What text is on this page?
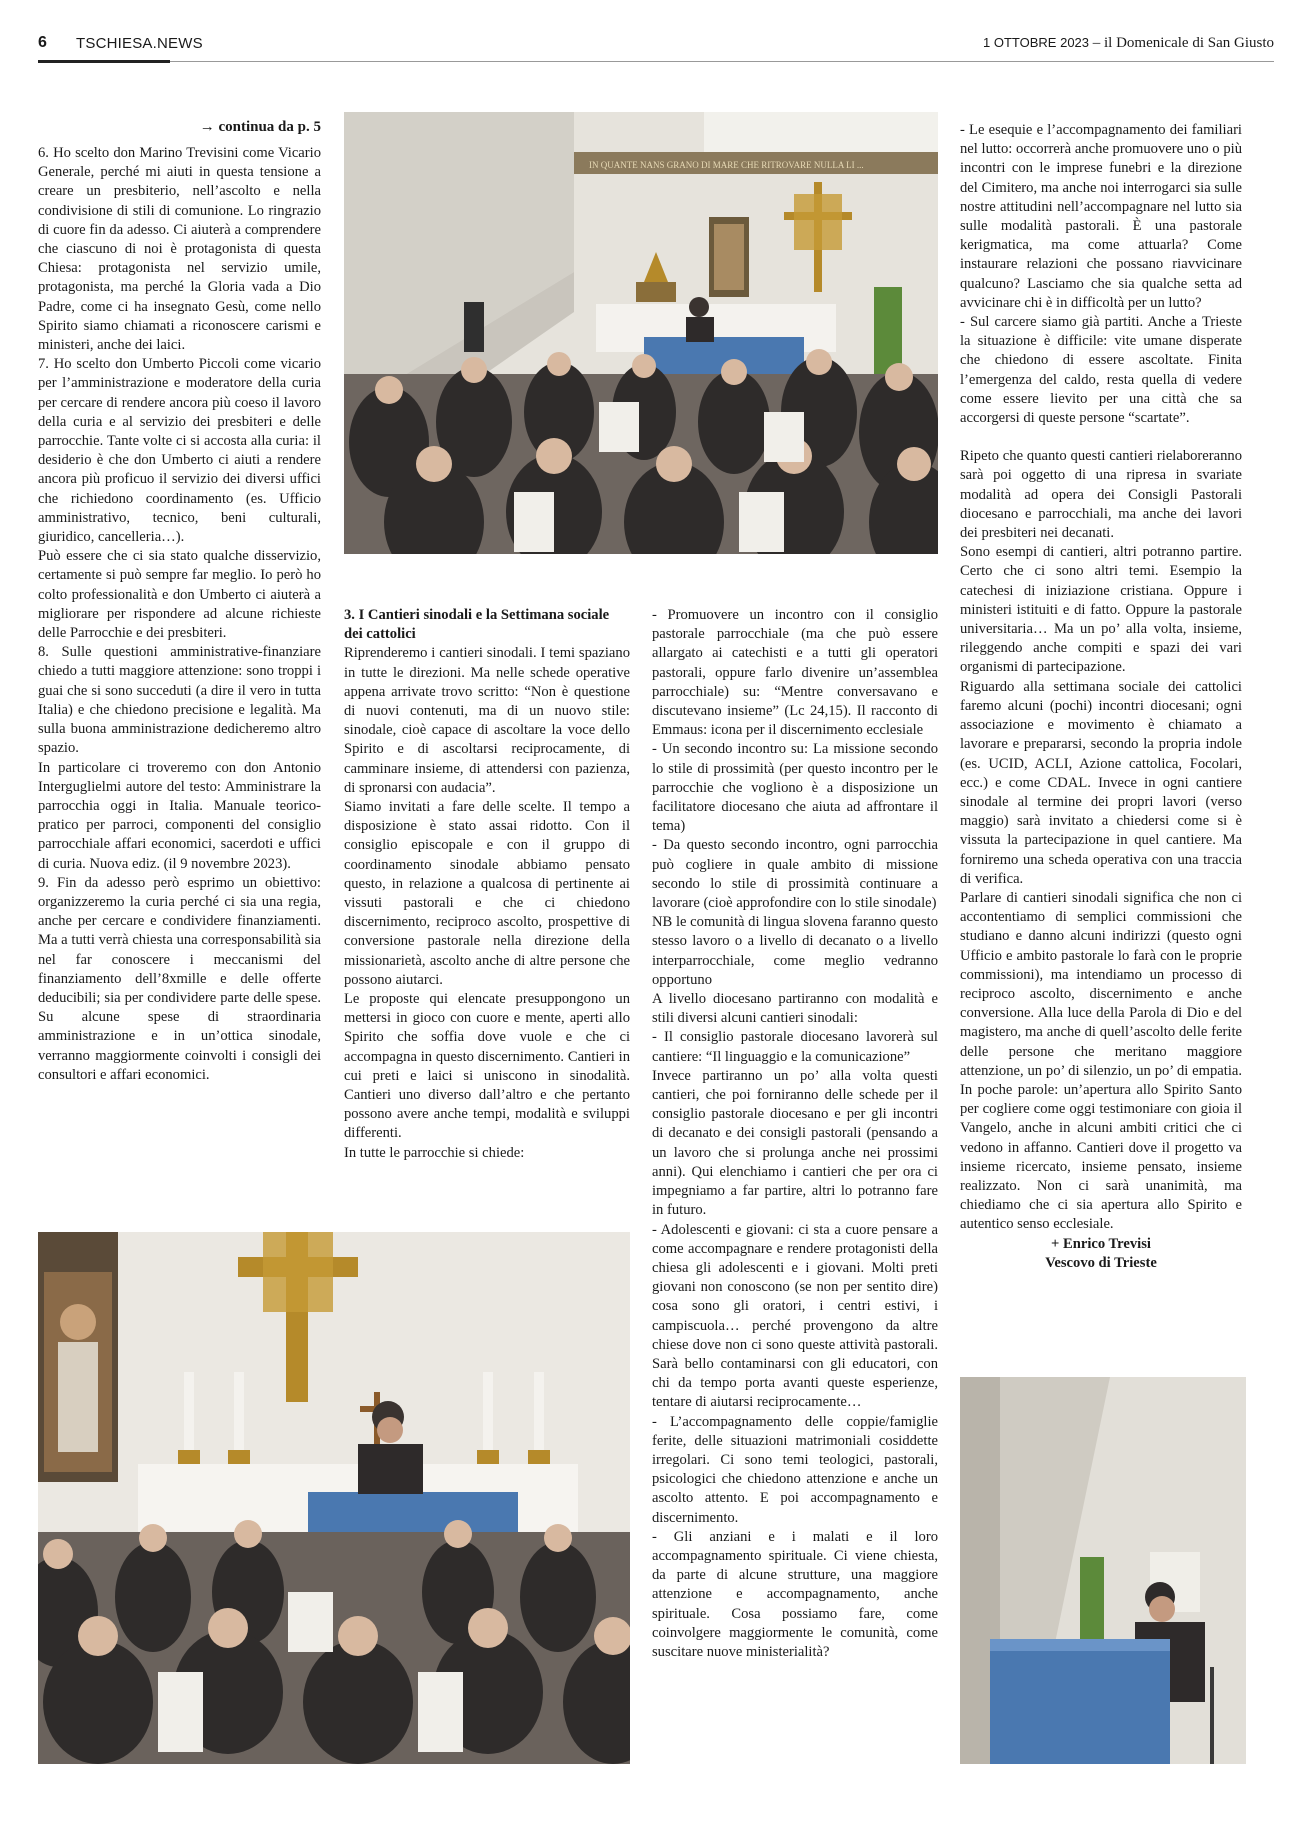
6 TSCHIESA.NEWS	1 OTTOBRE 2023 – il Domenicale di San Giusto
→ continua da p. 5

6. Ho scelto don Marino Trevisini come Vicario Generale, perché mi aiuti in questa tensione a creare un presbiterio, nell’ascolto e nella condivisione di stili di comunione. Lo ringrazio di cuore fin da adesso. Ci aiuterà a comprendere che ciascuno di noi è protagonista di questa Chiesa: protagonista nel servizio umile, protagonista, ma perché la Gloria vada a Dio Padre, come ci ha insegnato Gesù, come nello Spirito siamo chiamati a riconoscere carismi e ministeri, anche dei laici.

7. Ho scelto don Umberto Piccoli come vicario per l’amministrazione e moderatore della curia per cercare di rendere ancora più coeso il lavoro della curia e al servizio dei presbiteri e delle parrocchie. Tante volte ci si accosta alla curia: il desiderio è che don Umberto ci aiuti a rendere ancora più proficuo il servizio dei diversi uffici che richiedono coordinamento (es. Ufficio amministrativo, tecnico, beni culturali, giuridico, cancelleria…).

Può essere che ci sia stato qualche disservizio, certamente si può sempre far meglio. Io però ho colto professionalità e don Umberto ci aiuterà a migliorare per rispondere ad alcune richieste delle Parrocchie e dei presbiteri.

8. Sulle questioni amministrative-finanziare chiedo a tutti maggiore attenzione: sono troppi i guai che si sono succeduti (a dire il vero in tutta Italia) e che chiedono precisione e legalità. Ma sulla buona amministrazione dedicheremo altro spazio.

In particolare ci troveremo con don Antonio Interguglielmi autore del testo: Amministrare la parrocchia oggi in Italia. Manuale teorico-pratico per parroci, componenti del consiglio parrocchiale affari economici, sacerdoti e uffici di curia. Nuova ediz. (il 9 novembre 2023).

9. Fin da adesso però esprimo un obiettivo: organizzeremo la curia perché ci sia una regia, anche per cercare e condividere finanziamenti. Ma a tutti verrà chiesta una corresponsabilità sia nel far conoscere i meccanismi del finanziamento dell’8xmille e delle offerte deducibili; sia per condividere parte delle spese. Su alcune spese di straordinaria amministrazione e in un’ottica sinodale, verranno maggiormente coinvolti i consigli dei consultori e affari economici.

IN QUANTE NANS GRANO DI MARE CHE RITROVARE NULLA LI ...

3. I Cantieri sinodali e la Settimana sociale dei cattolici

Riprenderemo i cantieri sinodali. I temi spaziano in tutte le direzioni. Ma nelle schede operative appena arrivate trovo scritto: “Non è questione di nuovi contenuti, ma di un nuovo stile: sinodale, cioè capace di ascoltare la voce dello Spirito e di ascoltarsi reciprocamente, di camminare insieme, di attendersi con pazienza, di spronarsi con audacia”.

Siamo invitati a fare delle scelte. Il tempo a disposizione è stato assai ridotto. Con il consiglio episcopale e con il gruppo di coordinamento sinodale abbiamo pensato questo, in relazione a qualcosa di pertinente ai vissuti pastorali e che ci chiedono discernimento, reciproco ascolto, prospettive di conversione pastorale nella direzione della missionarietà, ascolto anche di altre persone che possono aiutarci.

Le proposte qui elencate presuppongono un mettersi in gioco con cuore e mente, aperti allo Spirito che soffia dove vuole e che ci accompagna in questo discernimento. Cantieri in cui preti e laici si uniscono in sinodalità. Cantieri uno diverso dall’altro e che pertanto possono avere anche tempi, modalità e sviluppi differenti.

In tutte le parrocchie si chiede:

- Promuovere un incontro con il consiglio pastorale parrocchiale (ma che può essere allargato ai catechisti e a tutti gli operatori pastorali, oppure farlo divenire un’assemblea parrocchiale) su: “Mentre conversavano e discutevano insieme” (Lc 24,15). Il racconto di Emmaus: icona per il discernimento ecclesiale

- Un secondo incontro su: La missione secondo lo stile di prossimità (per questo incontro per le parrocchie che vogliono è a disposizione un facilitatore diocesano che aiuta ad affrontare il tema)

- Da questo secondo incontro, ogni parrocchia può cogliere in quale ambito di missione secondo lo stile di prossimità continuare a lavorare (cioè approfondire con lo stile sinodale)

NB le comunità di lingua slovena faranno questo stesso lavoro o a livello di decanato o a livello interparrocchiale, come meglio vedranno opportuno

A livello diocesano partiranno con modalità e stili diversi alcuni cantieri sinodali:

- Il consiglio pastorale diocesano lavorerà sul cantiere: “Il linguaggio e la comunicazione”

Invece partiranno un po’ alla volta questi cantieri, che poi forniranno delle schede per il consiglio pastorale diocesano e per gli incontri di decanato e dei consigli pastorali (pensando a un lavoro che si prolunga anche nei prossimi anni). Qui elenchiamo i cantieri che per ora ci impegniamo a far partire, altri lo potranno fare in futuro.

- Adolescenti e giovani: ci sta a cuore pensare a come accompagnare e rendere protagonisti della chiesa gli adolescenti e i giovani. Molti preti giovani non conoscono (se non per sentito dire) cosa sono gli oratori, i centri estivi, i campiscuola… perché provengono da altre chiese dove non ci sono queste attività pastorali. Sarà bello contaminarsi con gli educatori, con chi da tempo porta avanti queste esperienze, tentare di aiutarsi reciprocamente…

- L’accompagnamento delle coppie/famiglie ferite, delle situazioni matrimoniali cosiddette irregolari. Ci sono temi teologici, pastorali, psicologici che chiedono attenzione e anche un ascolto attento. E poi accompagnamento e discernimento.

- Gli anziani e i malati e il loro accompagnamento spirituale. Ci viene chiesta, da parte di alcune strutture, una maggiore attenzione e accompagnamento, anche spirituale. Cosa possiamo fare, come coinvolgere maggiormente le comunità, come suscitare nuove ministerialità?

- Le esequie e l’accompagnamento dei familiari nel lutto: occorrerà anche promuovere uno o più incontri con le imprese funebri e la direzione del Cimitero, ma anche noi interrogarci sia sulle nostre attitudini nell’accompagnare nel lutto sia sulle modalità pastorali. È una pastorale kerigmatica, ma come attuarla? Come instaurare relazioni che possano riavvicinare qualcuno? Lasciamo che sia qualche setta ad avvicinare chi è in difficoltà per un lutto?

- Sul carcere siamo già partiti. Anche a Trieste la situazione è difficile: vite umane disperate che chiedono di essere ascoltate. Finita l’emergenza del caldo, resta quella di vedere come essere lievito per una città che sa accorgersi di queste persone “scartate”.

Ripeto che quanto questi cantieri rielaboreranno sarà poi oggetto di una ripresa in svariate modalità ad opera dei Consigli Pastorali diocesano e parrocchiali, ma anche dei lavori dei presbiteri nei decanati.

Sono esempi di cantieri, altri potranno partire. Certo che ci sono altri temi. Esempio la catechesi di iniziazione cristiana. Oppure i ministeri istituiti e di fatto. Oppure la pastorale universitaria… Ma un po’ alla volta, insieme, rileggendo anche compiti e spazi dei vari organismi di partecipazione.

Riguardo alla settimana sociale dei cattolici faremo alcuni (pochi) incontri diocesani; ogni associazione e movimento è chiamato a lavorare e prepararsi, secondo la propria indole (es. UCID, ACLI, Azione cattolica, Focolari, ecc.) e come CDAL. Invece in ogni cantiere sinodale al termine dei propri lavori (verso maggio) sarà invitato a chiedersi come si è vissuta la partecipazione in quel cantiere. Ma forniremo una scheda operativa con una traccia di verifica.

Parlare di cantieri sinodali significa che non ci accontentiamo di semplici commissioni che studiano e danno alcuni indirizzi (questo ogni Ufficio e ambito pastorale lo farà con le proprie commissioni), ma intendiamo un processo di reciproco ascolto, discernimento e anche conversione. Alla luce della Parola di Dio e del magistero, ma anche di quell’ascolto delle ferite delle persone che meritano maggiore attenzione, un po’ di silenzio, un po’ di empatia. In poche parole: un’apertura allo Spirito Santo per cogliere come oggi testimoniare con gioia il Vangelo, anche in alcuni ambiti critici che ci vedono in affanno. Cantieri dove il progetto va insieme ricercato, insieme pensato, insieme realizzato. Non ci sarà unanimità, ma chiediamo che ci sia apertura allo Spirito e autentico senso ecclesiale.

+ Enrico Trevisi
Vescovo di Trieste
